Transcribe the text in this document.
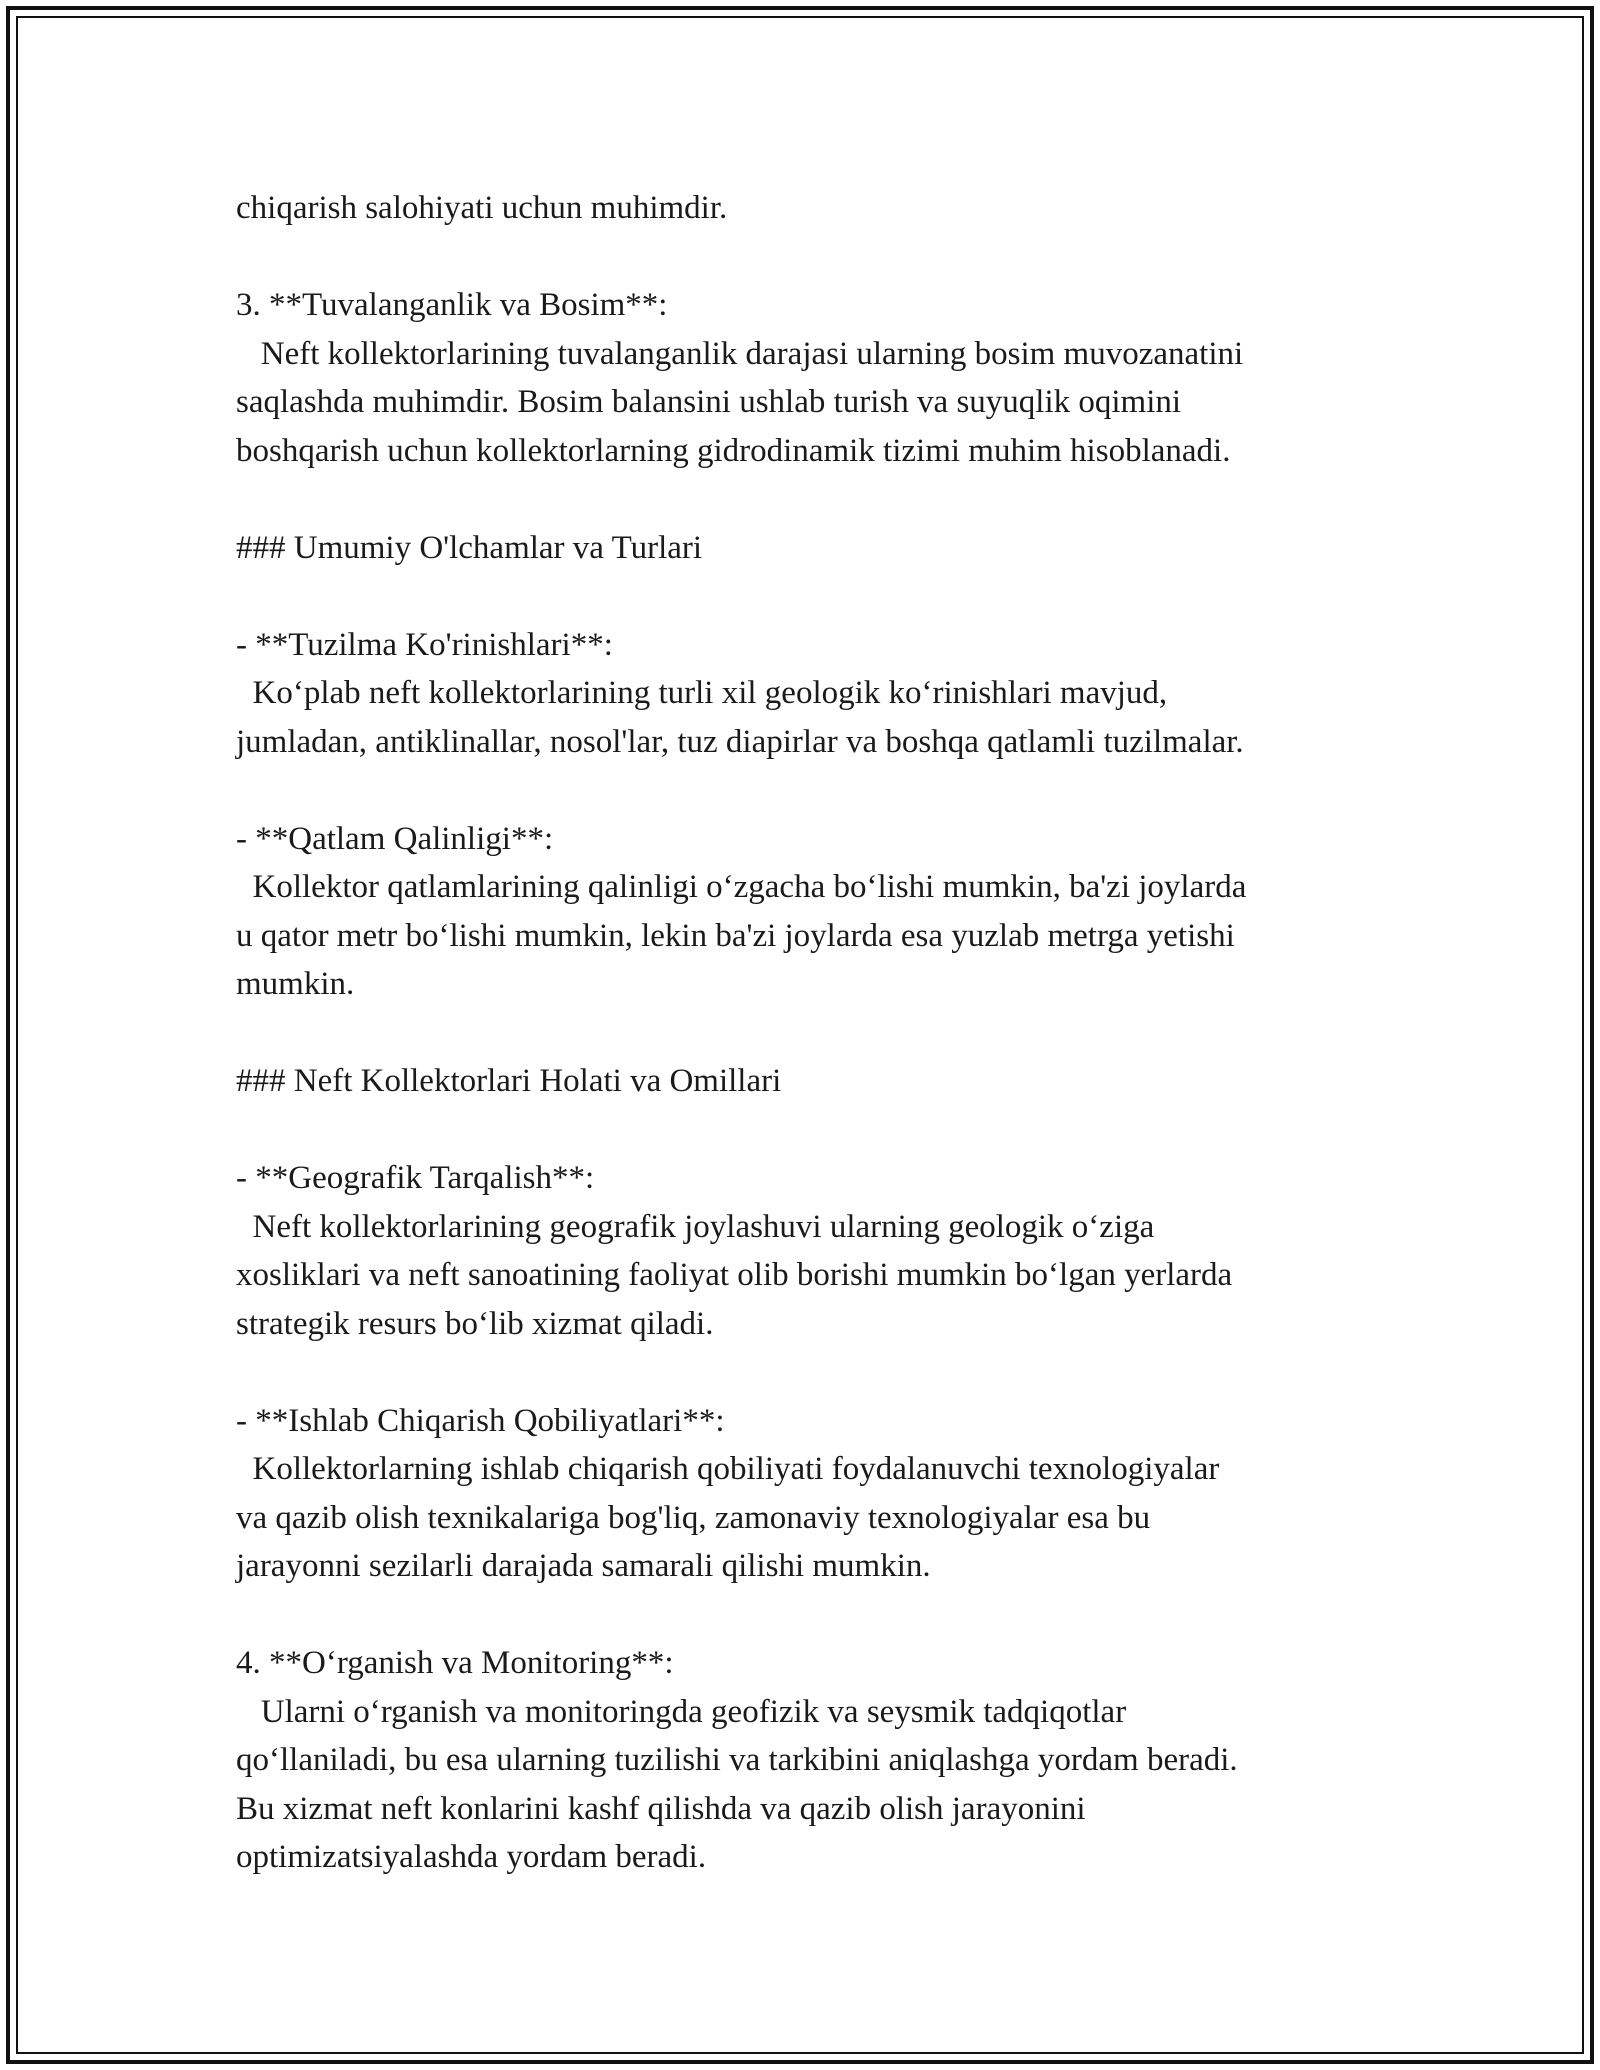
chiqarish salohiyati uchun muhimdir.
3. **Tuvalanganlik va Bosim**:
Neft kollektorlarining tuvalanganlik darajasi ularning bosim muvozanatini
saqlashda muhimdir. Bosim balansini ushlab turish va suyuqlik oqimini
boshqarish uchun kollektorlarning gidrodinamik tizimi muhim hisoblanadi.
### Umumiy O'lchamlar va Turlari
- **Tuzilma Ko'rinishlari**:
Ko‘plab neft kollektorlarining turli xil geologik ko‘rinishlari mavjud,
jumladan, antiklinallar, nosol'lar, tuz diapirlar va boshqa qatlamli tuzilmalar.
- **Qatlam Qalinligi**:
Kollektor qatlamlarining qalinligi o‘zgacha bo‘lishi mumkin, ba'zi joylarda
u qator metr bo‘lishi mumkin, lekin ba'zi joylarda esa yuzlab metrga yetishi
mumkin.
### Neft Kollektorlari Holati va Omillari
- **Geografik Tarqalish**:
Neft kollektorlarining geografik joylashuvi ularning geologik o‘ziga
xosliklari va neft sanoatining faoliyat olib borishi mumkin bo‘lgan yerlarda
strategik resurs bo‘lib xizmat qiladi.
- **Ishlab Chiqarish Qobiliyatlari**:
Kollektorlarning ishlab chiqarish qobiliyati foydalanuvchi texnologiyalar
va qazib olish texnikalariga bog'liq, zamonaviy texnologiyalar esa bu
jarayonni sezilarli darajada samarali qilishi mumkin.
4. **O‘rganish va Monitoring**:
Ularni o‘rganish va monitoringda geofizik va seysmik tadqiqotlar
qo‘llaniladi, bu esa ularning tuzilishi va tarkibini aniqlashga yordam beradi.
Bu xizmat neft konlarini kashf qilishda va qazib olish jarayonini
optimizatsiyalashda yordam beradi.
